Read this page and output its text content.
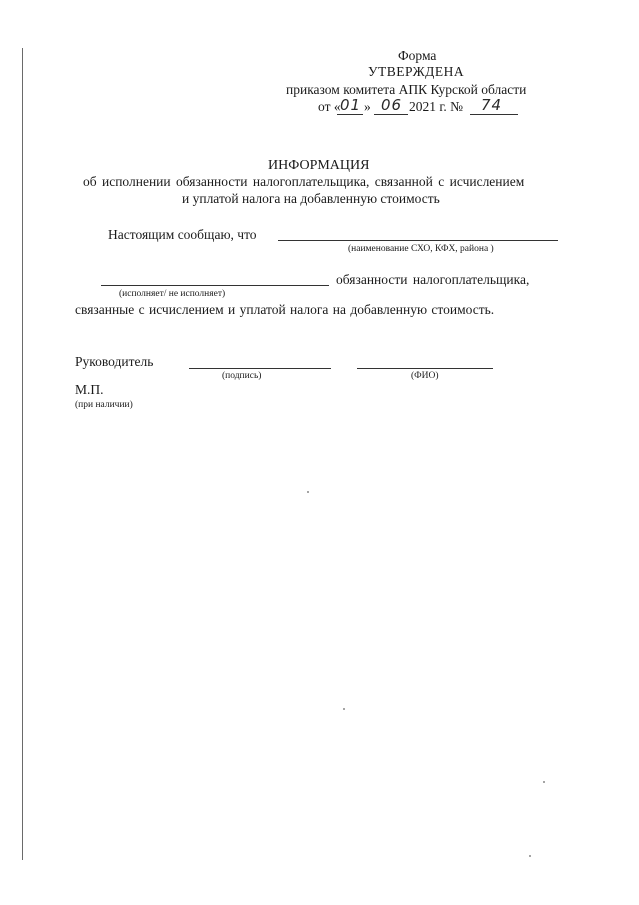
Форма
УТВЕРЖДЕНА
приказом комитета АПК Курской области
от « 01 » 06 2021 г. № 74
ИНФОРМАЦИЯ
об исполнении обязанности налогоплательщика, связанной с исчислением
и уплатой налога на добавленную стоимость
Настоящим сообщаю, что
(наименование СХО, КФХ, района )
обязанности налогоплательщика,
(исполняет/ не исполняет)
связанные с исчислением и уплатой налога на добавленную стоимость.
Руководитель
(подпись)	(ФИО)
М.П.
(при наличии)
